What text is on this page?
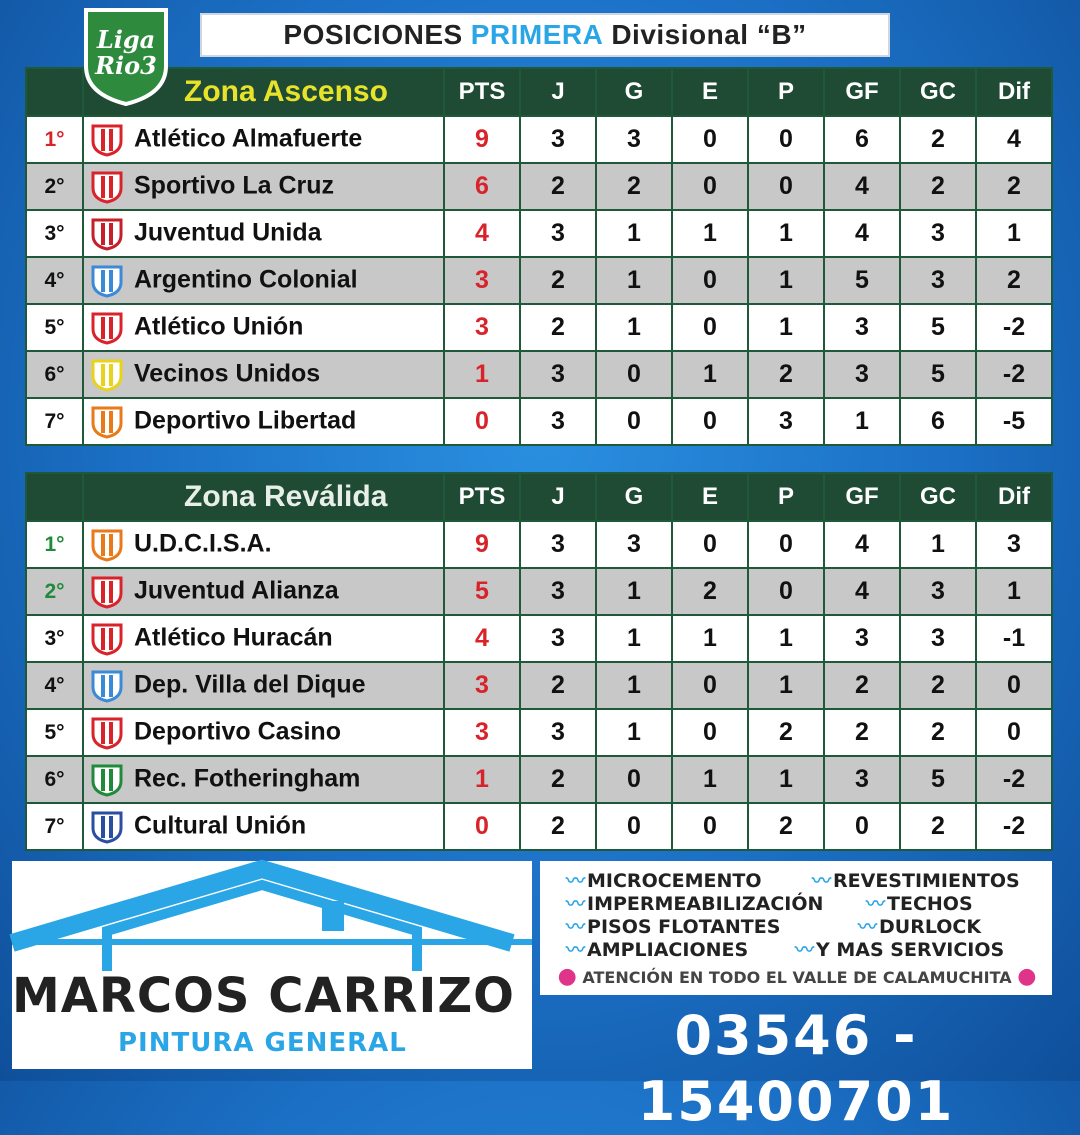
Liga
Rio3
POSICIONES PRIMERA Divisional “B”
	Zona Ascenso	PTS	J	G	E	P	GF	GC	Dif
1°	Atlético Almafuerte	9	3	3	0	0	6	2	4
2°	Sportivo La Cruz	6	2	2	0	0	4	2	2
3°	Juventud Unida	4	3	1	1	1	4	3	1
4°	Argentino Colonial	3	2	1	0	1	5	3	2
5°	Atlético Unión	3	2	1	0	1	3	5	-2
6°	Vecinos Unidos	1	3	0	1	2	3	5	-2
7°	Deportivo Libertad	0	3	0	0	3	1	6	-5
	Zona Reválida	PTS	J	G	E	P	GF	GC	Dif
1°	U.D.C.I.S.A.	9	3	3	0	0	4	1	3
2°	Juventud Alianza	5	3	1	2	0	4	3	1
3°	Atlético Huracán	4	3	1	1	1	3	3	-1
4°	Dep. Villa del Dique	3	2	1	0	1	2	2	0
5°	Deportivo Casino	3	3	1	0	2	2	2	0
6°	Rec. Fotheringham	1	2	0	1	1	3	5	-2
7°	Cultural Unión	0	2	0	0	2	0	2	-2
MARCOS CARRIZO
PINTURA GENERAL
〰 MICROCEMENTO	〰 REVESTIMIENTOS
〰 IMPERMEABILIZACIÓN 〰 TECHOS
〰 PISOS FLOTANTES	〰 DURLOCK
〰 AMPLIACIONES 〰 Y MAS SERVICIOS
● ATENCIÓN EN TODO EL VALLE DE CALAMUCHITA ●
03546 - 15400701
